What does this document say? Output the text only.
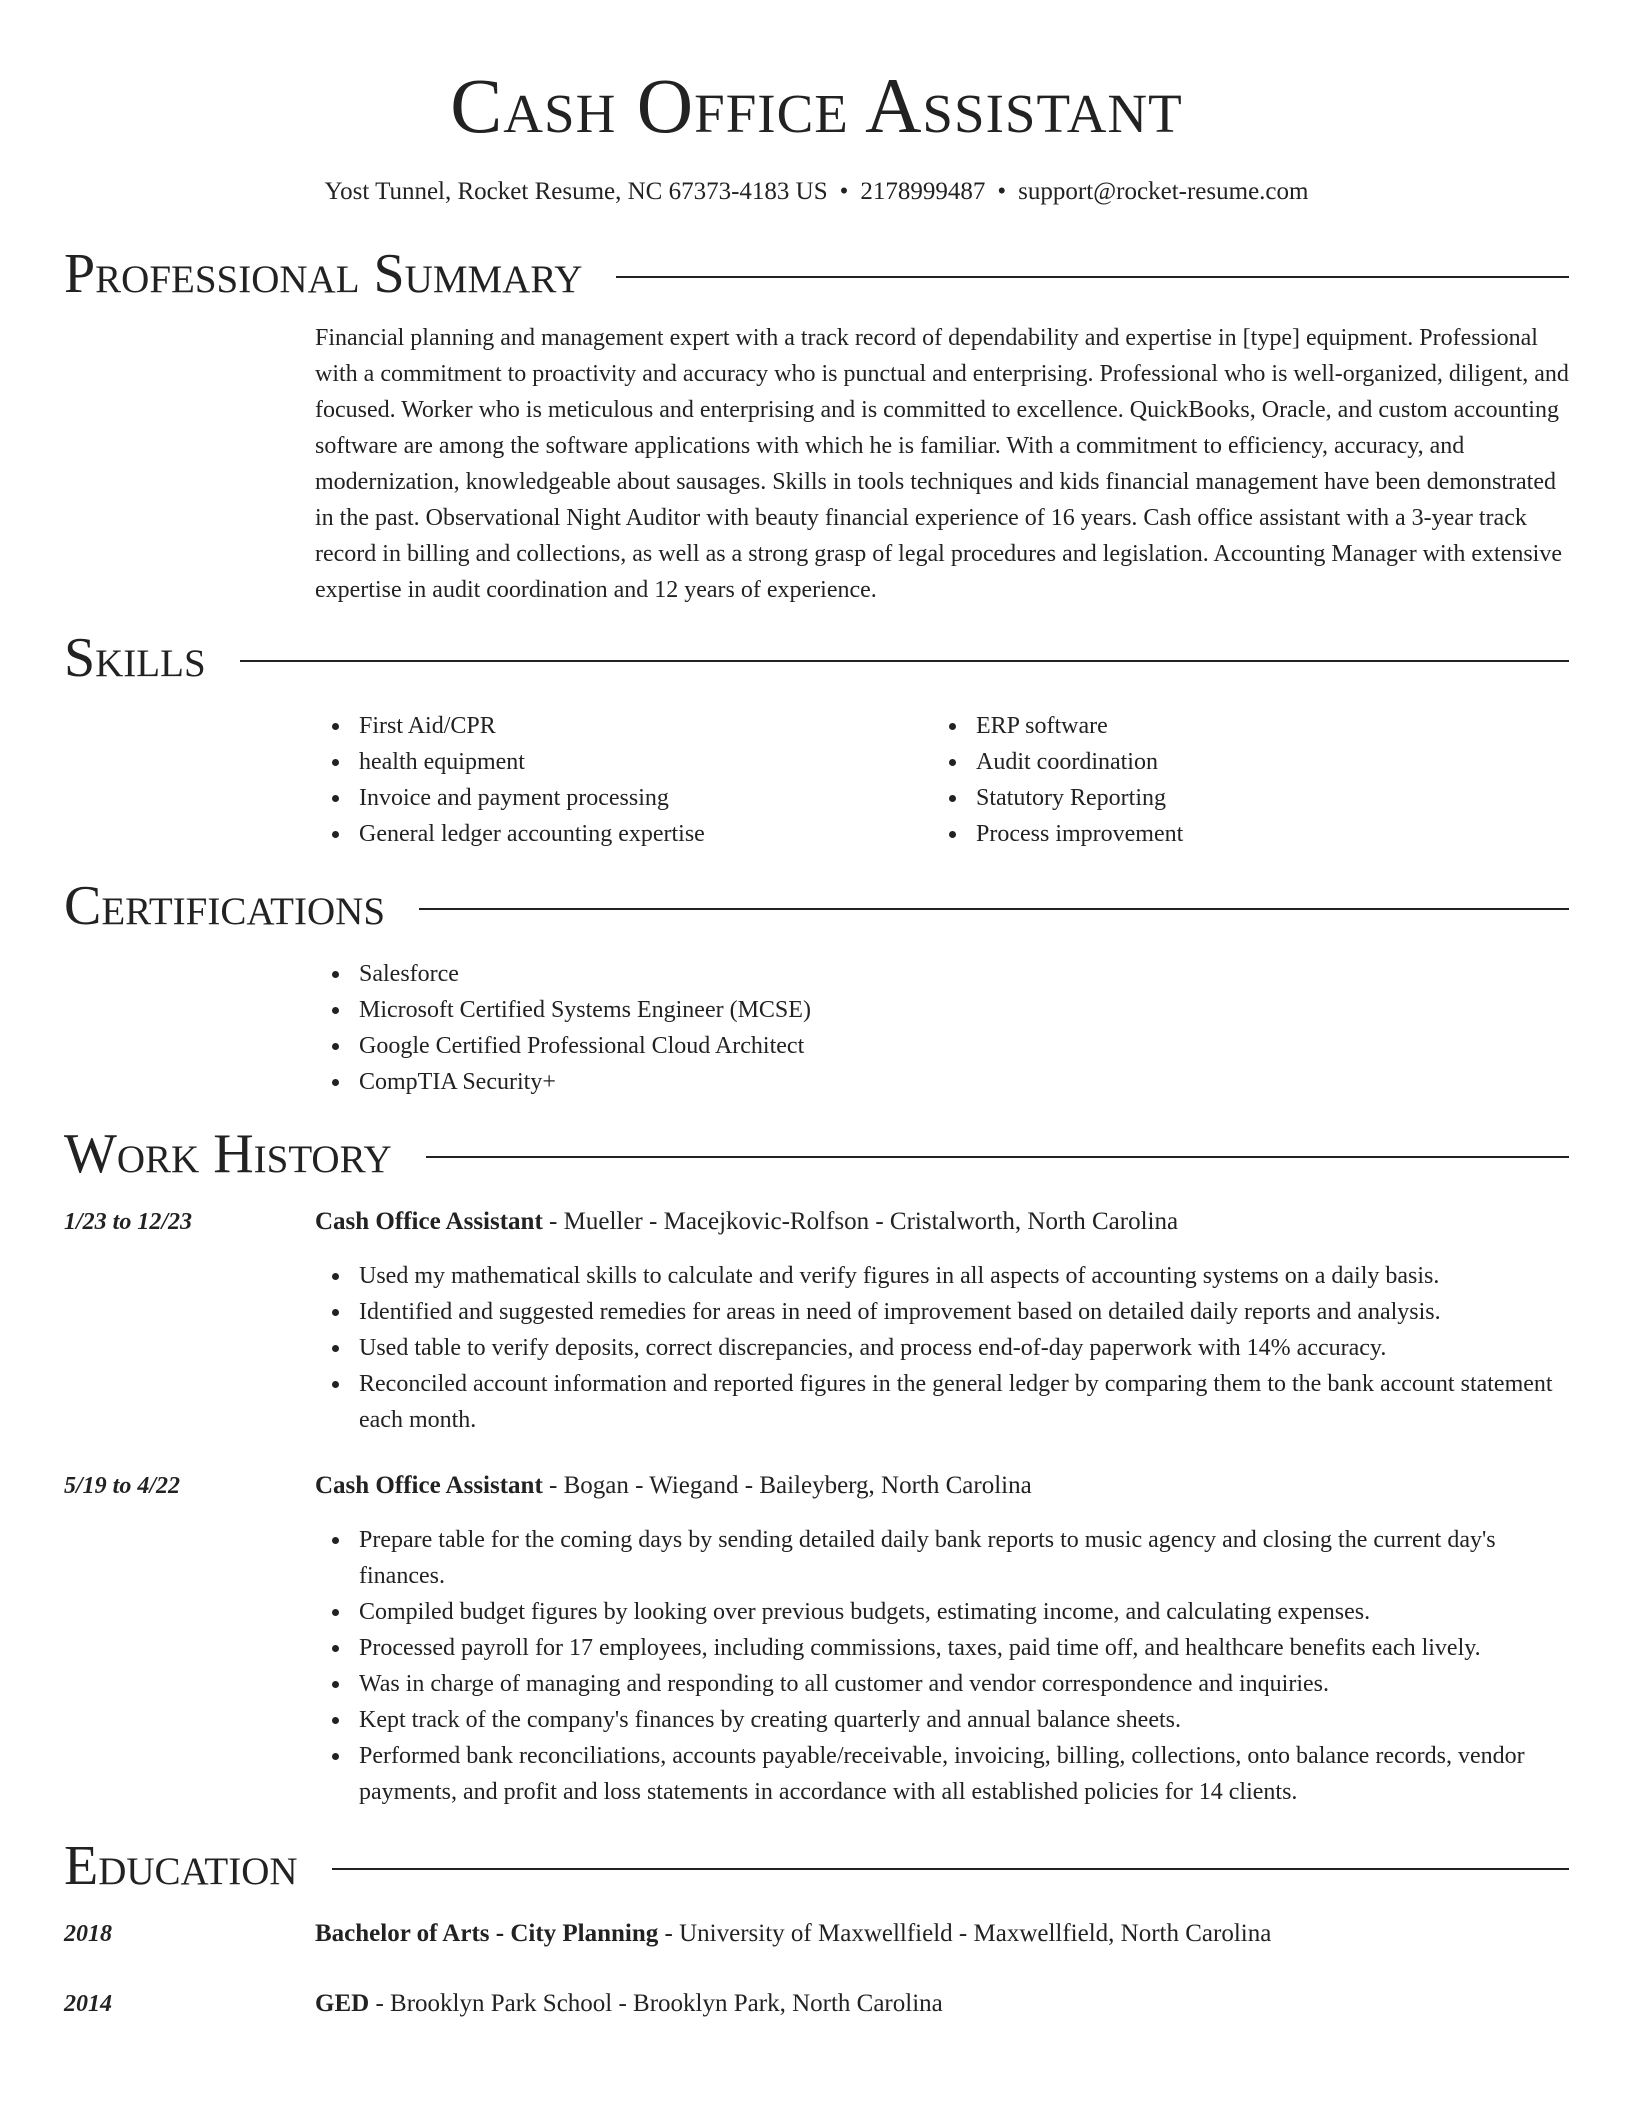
Cash Office Assistant
Yost Tunnel, Rocket Resume, NC 67373-4183 US • 2178999487 • support@rocket-resume.com
Professional Summary
Financial planning and management expert with a track record of dependability and expertise in [type] equipment. Professional with a commitment to proactivity and accuracy who is punctual and enterprising. Professional who is well-organized, diligent, and focused. Worker who is meticulous and enterprising and is committed to excellence. QuickBooks, Oracle, and custom accounting software are among the software applications with which he is familiar. With a commitment to efficiency, accuracy, and modernization, knowledgeable about sausages. Skills in tools techniques and kids financial management have been demonstrated in the past. Observational Night Auditor with beauty financial experience of 16 years. Cash office assistant with a 3-year track record in billing and collections, as well as a strong grasp of legal procedures and legislation. Accounting Manager with extensive expertise in audit coordination and 12 years of experience.
Skills
First Aid/CPR
health equipment
Invoice and payment processing
General ledger accounting expertise
ERP software
Audit coordination
Statutory Reporting
Process improvement
Certifications
Salesforce
Microsoft Certified Systems Engineer (MCSE)
Google Certified Professional Cloud Architect
CompTIA Security+
Work History
1/23 to 12/23	Cash Office Assistant - Mueller - Macejkovic-Rolfson - Cristalworth, North Carolina
Used my mathematical skills to calculate and verify figures in all aspects of accounting systems on a daily basis.
Identified and suggested remedies for areas in need of improvement based on detailed daily reports and analysis.
Used table to verify deposits, correct discrepancies, and process end-of-day paperwork with 14% accuracy.
Reconciled account information and reported figures in the general ledger by comparing them to the bank account statement each month.
5/19 to 4/22	Cash Office Assistant - Bogan - Wiegand - Baileyberg, North Carolina
Prepare table for the coming days by sending detailed daily bank reports to music agency and closing the current day's finances.
Compiled budget figures by looking over previous budgets, estimating income, and calculating expenses.
Processed payroll for 17 employees, including commissions, taxes, paid time off, and healthcare benefits each lively.
Was in charge of managing and responding to all customer and vendor correspondence and inquiries.
Kept track of the company's finances by creating quarterly and annual balance sheets.
Performed bank reconciliations, accounts payable/receivable, invoicing, billing, collections, onto balance records, vendor payments, and profit and loss statements in accordance with all established policies for 14 clients.
Education
2018	Bachelor of Arts - City Planning - University of Maxwellfield - Maxwellfield, North Carolina
2014	GED - Brooklyn Park School - Brooklyn Park, North Carolina
